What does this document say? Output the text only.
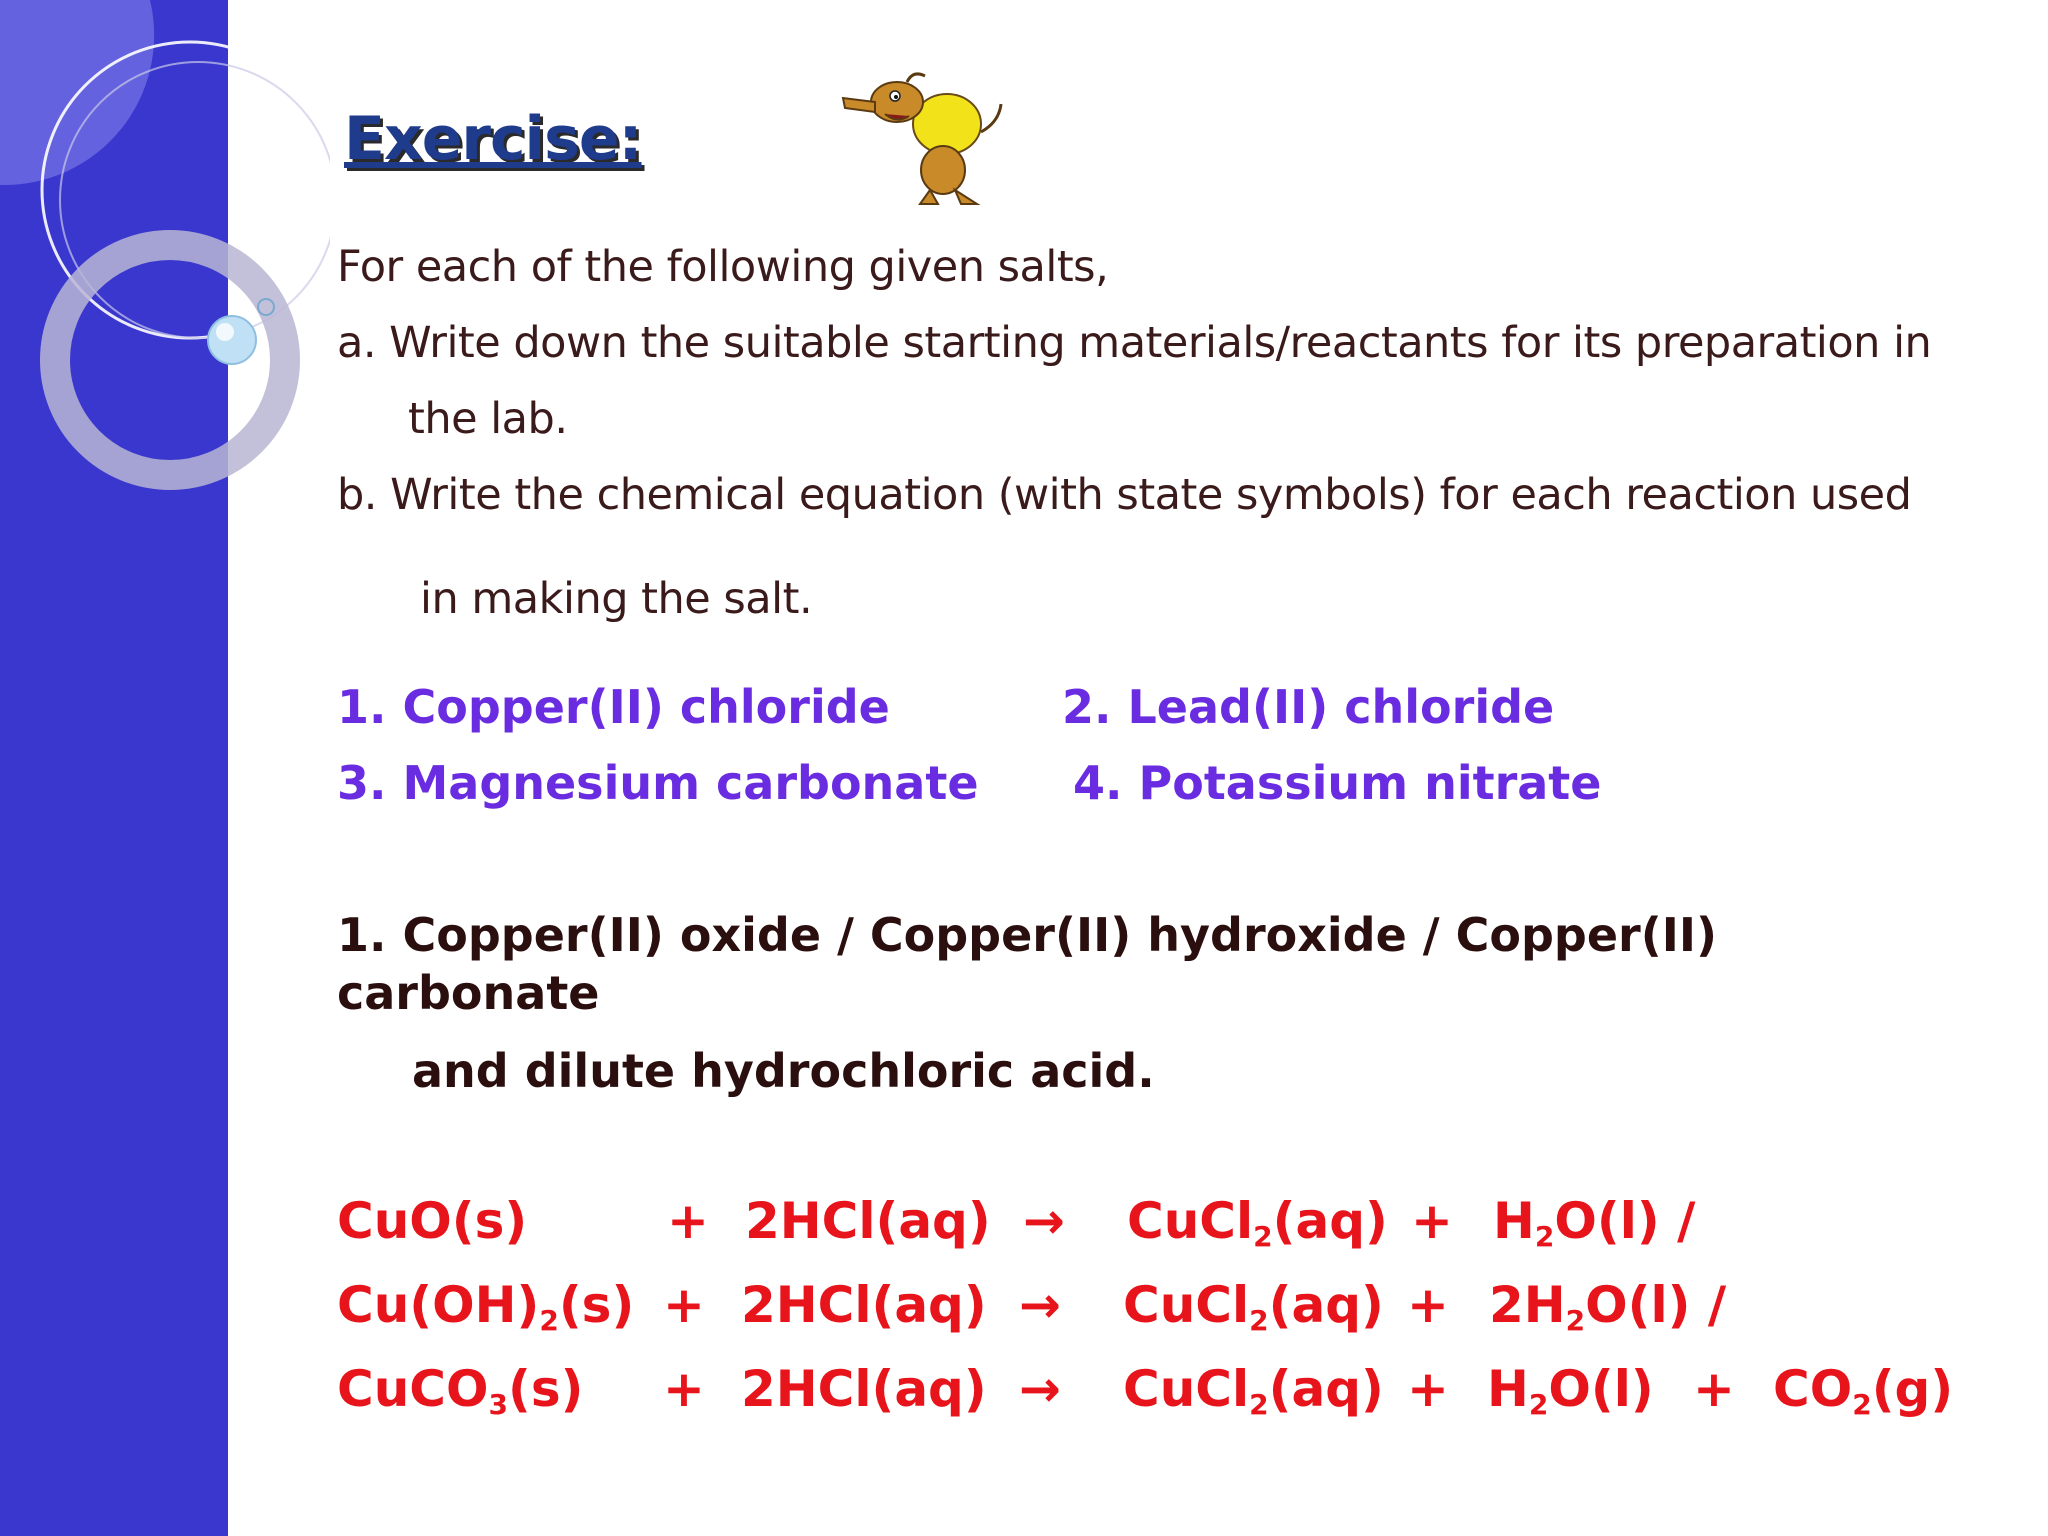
Exercise:
For each of the following given salts,
a. Write down the suitable starting materials/reactants for its preparation in
the lab.
b. Write the chemical equation (with state symbols) for each reaction used
in making the salt.
1. Copper(II) chloride	2. Lead(II) chloride
3. Magnesium carbonate 4. Potassium nitrate
1. Copper(II) oxide / Copper(II) hydroxide / Copper(II)
carbonate
and dilute hydrochloric acid.
CuO(s)	+ 2HCl(aq) → CuCl$_2$(aq) + $H_2O(l)$ /
$Cu(OH)_2(s) + 2HCl(aq)$ → CuCl$_2$(aq) + $2H_2O(l)$ /
CuCO$_3$(s) + 2HCl(aq) → CuCl$_2$(aq) + $H_2O(l) + CO_2(g)$
